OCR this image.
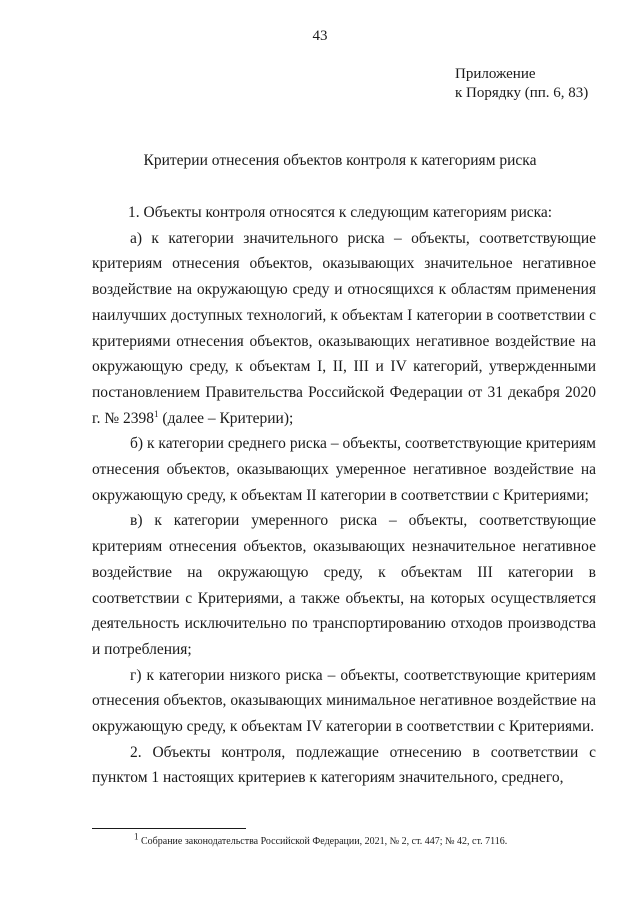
43
Приложение
к Порядку (пп. 6, 83)
Критерии отнесения объектов контроля к категориям риска

1. Объекты контроля относятся к следующим категориям риска:

а) к категории значительного риска – объекты, соответствующие критериям отнесения объектов, оказывающих значительное негативное воздействие на окружающую среду и относящихся к областям применения наилучших доступных технологий, к объектам I категории в соответствии с критериями отнесения объектов, оказывающих негативное воздействие на окружающую среду, к объектам I, II, III и IV категорий, утвержденными постановлением Правительства Российской Федерации от 31 декабря 2020 г. № 2398$^1$ (далее – Критерии);

б) к категории среднего риска – объекты, соответствующие критериям отнесения объектов, оказывающих умеренное негативное воздействие на окружающую среду, к объектам II категории в соответствии с Критериями;

в) к категории умеренного риска – объекты, соответствующие критериям отнесения объектов, оказывающих незначительное негативное воздействие на окружающую среду, к объектам III категории в соответствии с Критериями, а также объекты, на которых осуществляется деятельность исключительно по транспортированию отходов производства и потребления;

г) к категории низкого риска – объекты, соответствующие критериям отнесения объектов, оказывающих минимальное негативное воздействие на окружающую среду, к объектам IV категории в соответствии с Критериями.

2. Объекты контроля, подлежащие отнесению в соответствии с пунктом 1 настоящих критериев к категориям значительного, среднего,

$^1$ Собрание законодательства Российской Федерации, 2021, № 2, ст. 447; № 42, ст. 7116.
